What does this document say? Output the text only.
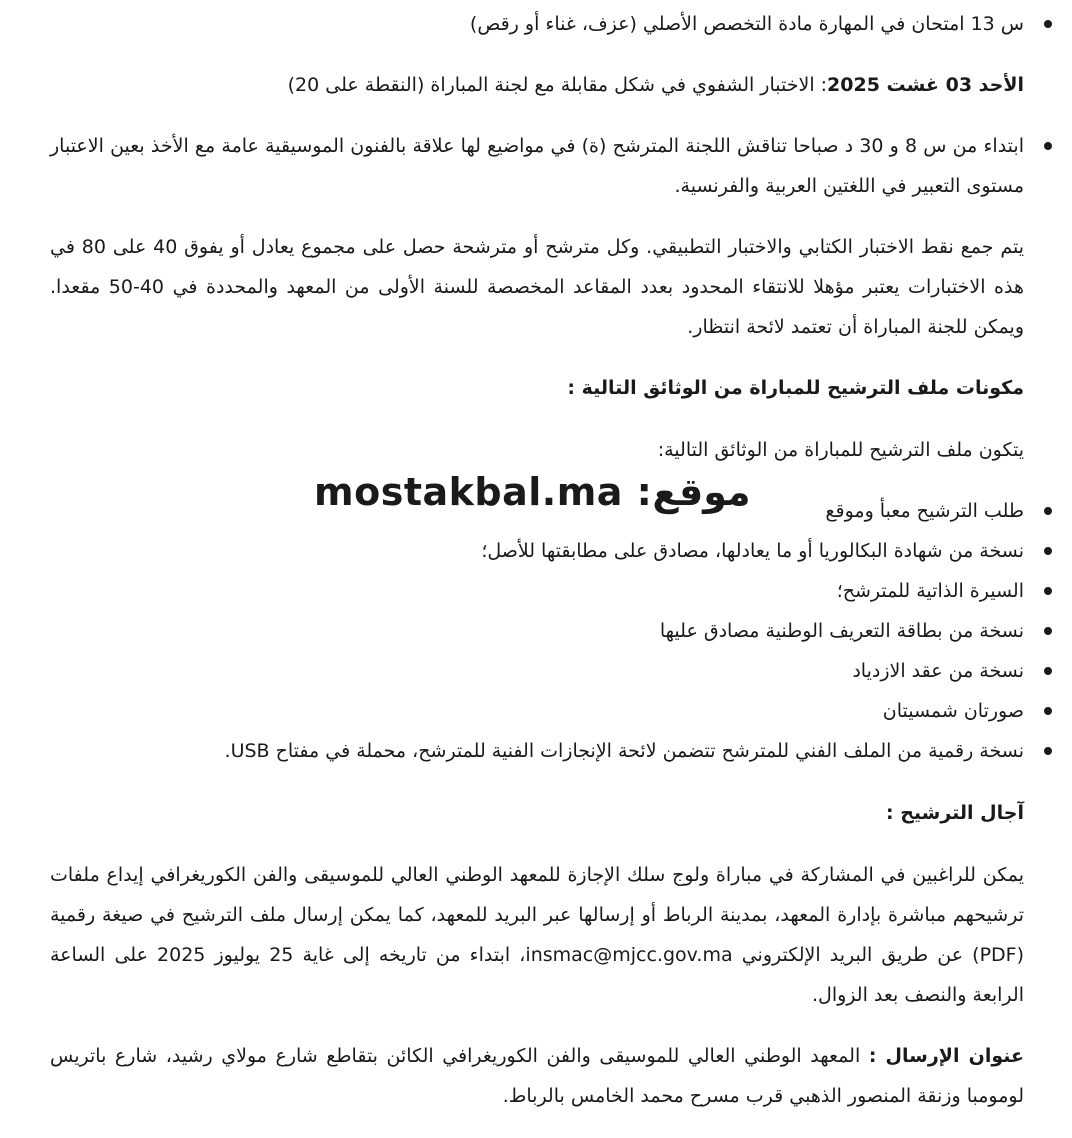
س 13 امتحان في المهارة مادة التخصص الأصلي (عزف، غناء أو رقص)

الأحد 03 غشت 2025: الاختبار الشفوي في شكل مقابلة مع لجنة المباراة (النقطة على 20)

ابتداء من س 8 و 30 د صباحا تناقش اللجنة المترشح (ة) في مواضيع لها علاقة بالفنون الموسيقية عامة مع الأخذ بعين الاعتبار مستوى التعبير في اللغتين العربية والفرنسية.

يتم جمع نقط الاختبار الكتابي والاختبار التطبيقي. وكل مترشح أو مترشحة حصل على مجموع يعادل أو يفوق 40 على 80 في هذه الاختبارات يعتبر مؤهلا للانتقاء المحدود بعدد المقاعد المخصصة للسنة الأولى من المعهد والمحددة في 40-50 مقعدا. ويمكن للجنة المباراة أن تعتمد لائحة انتظار.

مكونات ملف الترشيح للمباراة من الوثائق التالية :

يتكون ملف الترشيح للمباراة من الوثائق التالية:

طلب الترشيح معبأ وموقع
نسخة من شهادة البكالوريا أو ما يعادلها، مصادق على مطابقتها للأصل؛
السيرة الذاتية للمترشح؛
نسخة من بطاقة التعريف الوطنية مصادق عليها
نسخة من عقد الازدياد
صورتان شمسيتان
نسخة رقمية من الملف الفني للمترشح تتضمن لائحة الإنجازات الفنية للمترشح، محملة في مفتاح USB.

آجال الترشيح :

يمكن للراغبين في المشاركة في مباراة ولوج سلك الإجازة للمعهد الوطني العالي للموسيقى والفن الكوريغرافي إيداع ملفات ترشيحهم مباشرة بإدارة المعهد، بمدينة الرباط أو إرسالها عبر البريد للمعهد، كما يمكن إرسال ملف الترشيح في صيغة رقمية (PDF) عن طريق البريد الإلكتروني insmac@mjcc.gov.ma، ابتداء من تاريخه إلى غاية 25 يوليوز 2025 على الساعة الرابعة والنصف بعد الزوال.

عنوان الإرسال : المعهد الوطني العالي للموسيقى والفن الكوريغرافي الكائن بتقاطع شارع مولاي رشيد، شارع باتريس لومومبا وزنقة المنصور الذهبي قرب مسرح محمد الخامس بالرباط.

mostakbal.ma :موقع
